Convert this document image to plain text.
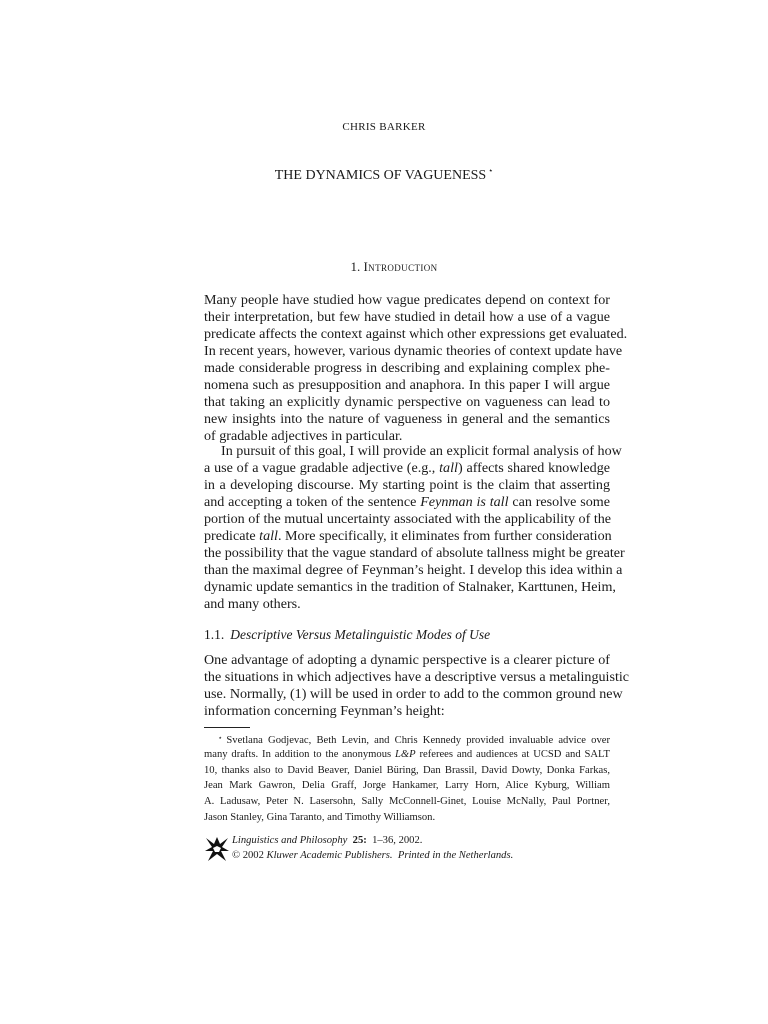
CHRIS BARKER
THE DYNAMICS OF VAGUENESS ⋆
1. Introduction
Many people have studied how vague predicates depend on context for
their interpretation, but few have studied in detail how a use of a vague
predicate affects the context against which other expressions get evaluated.
In recent years, however, various dynamic theories of context update have
made considerable progress in describing and explaining complex phe-
nomena such as presupposition and anaphora. In this paper I will argue
that taking an explicitly dynamic perspective on vagueness can lead to
new insights into the nature of vagueness in general and the semantics
of gradable adjectives in particular.
In pursuit of this goal, I will provide an explicit formal analysis of how
a use of a vague gradable adjective (e.g., tall) affects shared knowledge
in a developing discourse. My starting point is the claim that asserting
and accepting a token of the sentence Feynman is tall can resolve some
portion of the mutual uncertainty associated with the applicability of the
predicate tall. More specifically, it eliminates from further consideration
the possibility that the vague standard of absolute tallness might be greater
than the maximal degree of Feynman’s height. I develop this idea within a
dynamic update semantics in the tradition of Stalnaker, Karttunen, Heim,
and many others.
1.1. Descriptive Versus Metalinguistic Modes of Use
One advantage of adopting a dynamic perspective is a clearer picture of
the situations in which adjectives have a descriptive versus a metalinguistic
use. Normally, (1) will be used in order to add to the common ground new
information concerning Feynman’s height:
⋆ Svetlana Godjevac, Beth Levin, and Chris Kennedy provided invaluable advice over
many drafts. In addition to the anonymous L&P referees and audiences at UCSD and SALT
10, thanks also to David Beaver, Daniel Büring, Dan Brassil, David Dowty, Donka Farkas,
Jean Mark Gawron, Delia Graff, Jorge Hankamer, Larry Horn, Alice Kyburg, William
A. Ladusaw, Peter N. Lasersohn, Sally McConnell-Ginet, Louise McNally, Paul Portner,
Jason Stanley, Gina Taranto, and Timothy Williamson.
Linguistics and Philosophy 25: 1–36, 2002.
© 2002 Kluwer Academic Publishers. Printed in the Netherlands.
